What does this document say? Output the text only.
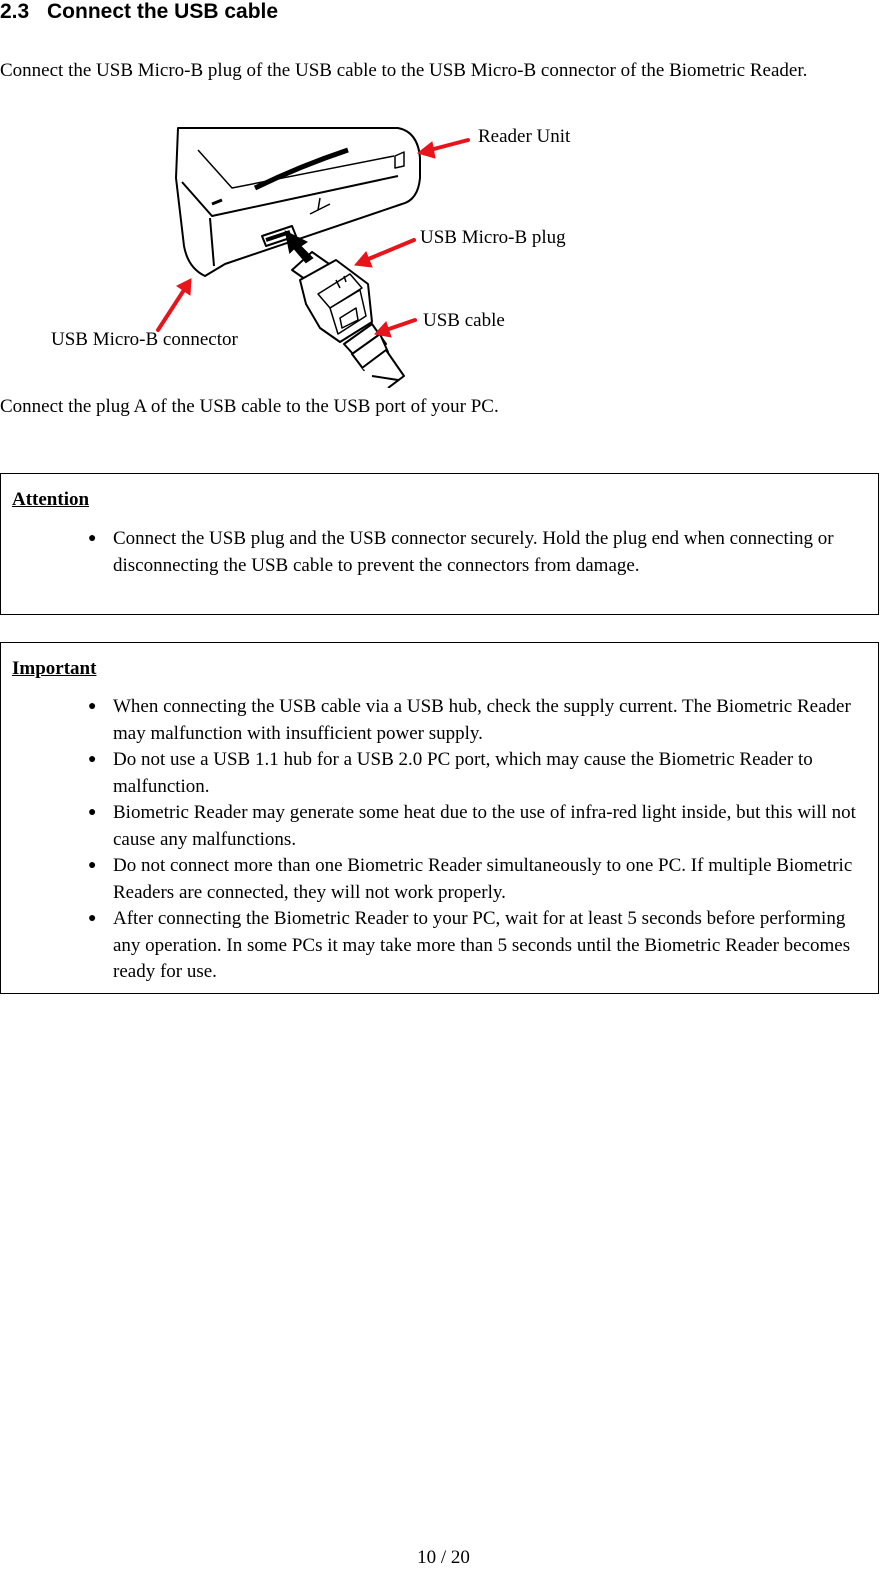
2.3 Connect the USB cable

Connect the USB Micro-B plug of the USB cable to the USB Micro-B connector of the Biometric Reader.

Reader Unit
USB Micro-B plug
USB cable
USB Micro-B connector

Connect the plug A of the USB cable to the USB port of your PC.

Attention
● Connect the USB plug and the USB connector securely. Hold the plug end when connecting or disconnecting the USB cable to prevent the connectors from damage.
Important
● When connecting the USB cable via a USB hub, check the supply current. The Biometric Reader may malfunction with insufficient power supply.
● Do not use a USB 1.1 hub for a USB 2.0 PC port, which may cause the Biometric Reader to malfunction.
● Biometric Reader may generate some heat due to the use of infra-red light inside, but this will not cause any malfunctions.
● Do not connect more than one Biometric Reader simultaneously to one PC. If multiple Biometric Readers are connected, they will not work properly.
● After connecting the Biometric Reader to your PC, wait for at least 5 seconds before performing any operation. In some PCs it may take more than 5 seconds until the Biometric Reader becomes ready for use.
10 / 20
